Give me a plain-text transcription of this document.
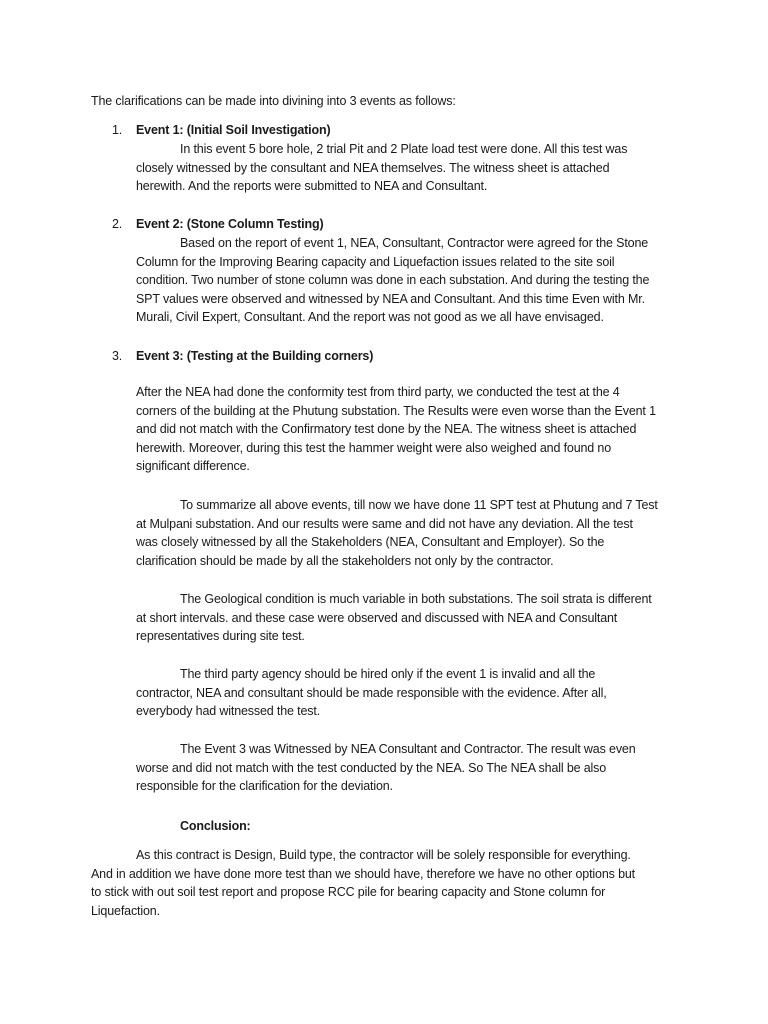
The clarifications can be made into divining into 3 events as follows:
1. Event 1: (Initial Soil Investigation)
In this event 5 bore hole, 2 trial Pit and 2 Plate load test were done. All this test was
closely witnessed by the consultant and NEA themselves. The witness sheet is attached
herewith. And the reports were submitted to NEA and Consultant.
2. Event 2: (Stone Column Testing)
Based on the report of event 1, NEA, Consultant, Contractor were agreed for the Stone
Column for the Improving Bearing capacity and Liquefaction issues related to the site soil
condition. Two number of stone column was done in each substation. And during the testing the
SPT values were observed and witnessed by NEA and Consultant. And this time Even with Mr.
Murali, Civil Expert, Consultant. And the report was not good as we all have envisaged.
3. Event 3: (Testing at the Building corners)
After the NEA had done the conformity test from third party, we conducted the test at the 4
corners of the building at the Phutung substation. The Results were even worse than the Event 1
and did not match with the Confirmatory test done by the NEA. The witness sheet is attached
herewith. Moreover, during this test the hammer weight were also weighed and found no
significant difference.
To summarize all above events, till now we have done 11 SPT test at Phutung and 7 Test
at Mulpani substation. And our results were same and did not have any deviation. All the test
was closely witnessed by all the Stakeholders (NEA, Consultant and Employer). So the
clarification should be made by all the stakeholders not only by the contractor.
The Geological condition is much variable in both substations. The soil strata is different
at short intervals. and these case were observed and discussed with NEA and Consultant
representatives during site test.
The third party agency should be hired only if the event 1 is invalid and all the
contractor, NEA and consultant should be made responsible with the evidence. After all,
everybody had witnessed the test.
The Event 3 was Witnessed by NEA Consultant and Contractor. The result was even
worse and did not match with the test conducted by the NEA. So The NEA shall be also
responsible for the clarification for the deviation.
Conclusion:
As this contract is Design, Build type, the contractor will be solely responsible for everything.
And in addition we have done more test than we should have, therefore we have no other options but
to stick with out soil test report and propose RCC pile for bearing capacity and Stone column for
Liquefaction.
